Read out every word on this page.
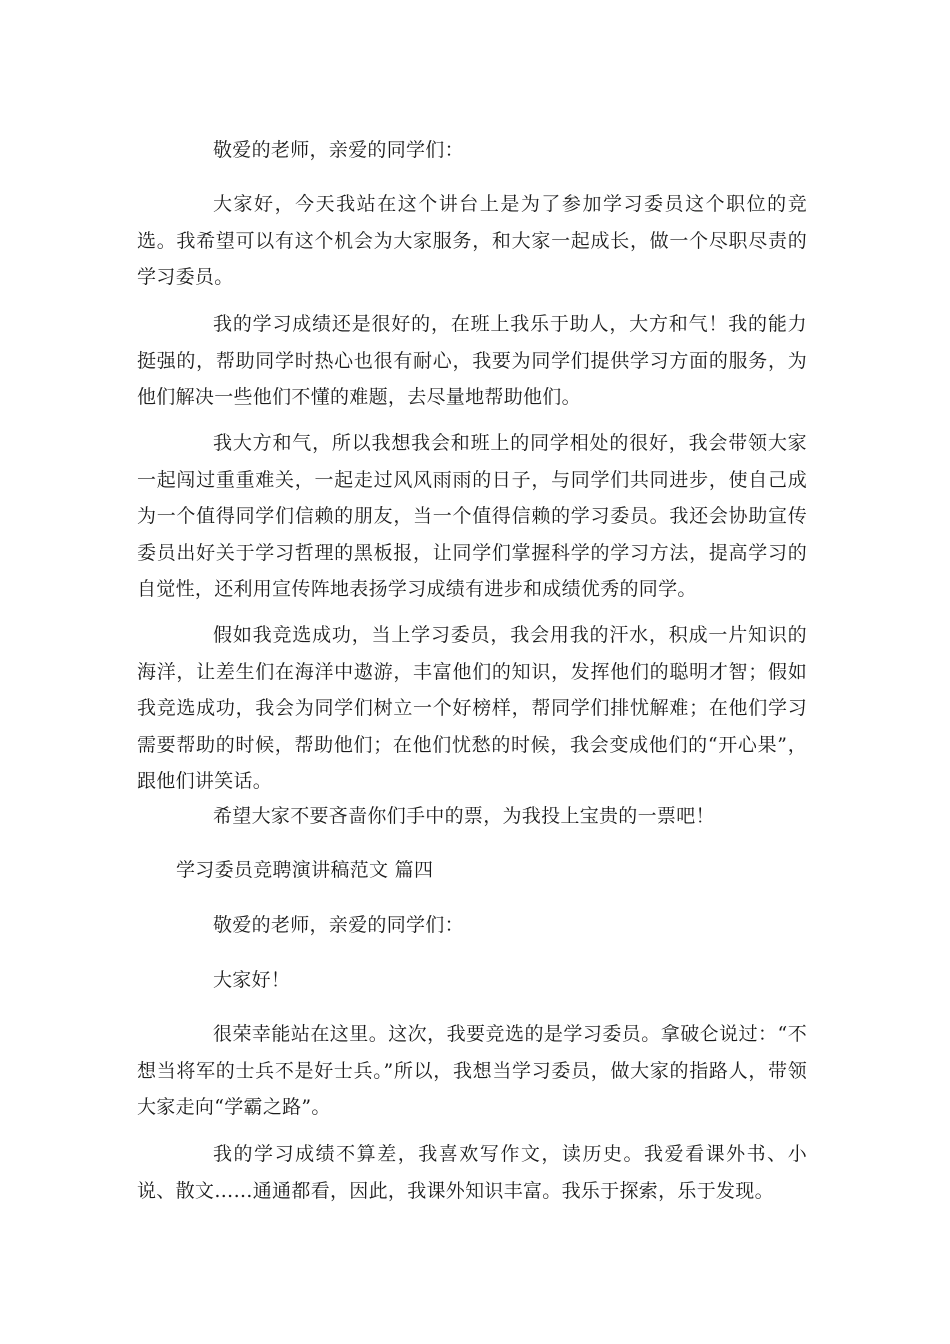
敬爱的老师，亲爱的同学们：

大家好，今天我站在这个讲台上是为了参加学习委员这个职位的竞选。我希望可以有这个机会为大家服务，和大家一起成长，做一个尽职尽责的学习委员。

我的学习成绩还是很好的，在班上我乐于助人，大方和气！我的能力挺强的，帮助同学时热心也很有耐心，我要为同学们提供学习方面的服务，为他们解决一些他们不懂的难题，去尽量地帮助他们。

我大方和气，所以我想我会和班上的同学相处的很好，我会带领大家一起闯过重重难关，一起走过风风雨雨的日子，与同学们共同进步，使自己成为一个值得同学们信赖的朋友，当一个值得信赖的学习委员。我还会协助宣传委员出好关于学习哲理的黑板报，让同学们掌握科学的学习方法，提高学习的自觉性，还利用宣传阵地表扬学习成绩有进步和成绩优秀的同学。

假如我竞选成功，当上学习委员，我会用我的汗水，积成一片知识的海洋，让差生们在海洋中遨游，丰富他们的知识，发挥他们的聪明才智；假如我竞选成功，我会为同学们树立一个好榜样，帮同学们排忧解难；在他们学习需要帮助的时候，帮助他们；在他们忧愁的时候，我会变成他们的“开心果”，跟他们讲笑话。

希望大家不要吝啬你们手中的票，为我投上宝贵的一票吧！

学习委员竞聘演讲稿范文 篇四

敬爱的老师，亲爱的同学们：

大家好！

很荣幸能站在这里。这次，我要竞选的是学习委员。拿破仑说过：“不想当将军的士兵不是好士兵。”所以，我想当学习委员，做大家的指路人，带领大家走向“学霸之路”。

我的学习成绩不算差，我喜欢写作文，读历史。我爱看课外书、小说、散文……通通都看，因此，我课外知识丰富。我乐于探索，乐于发现。
